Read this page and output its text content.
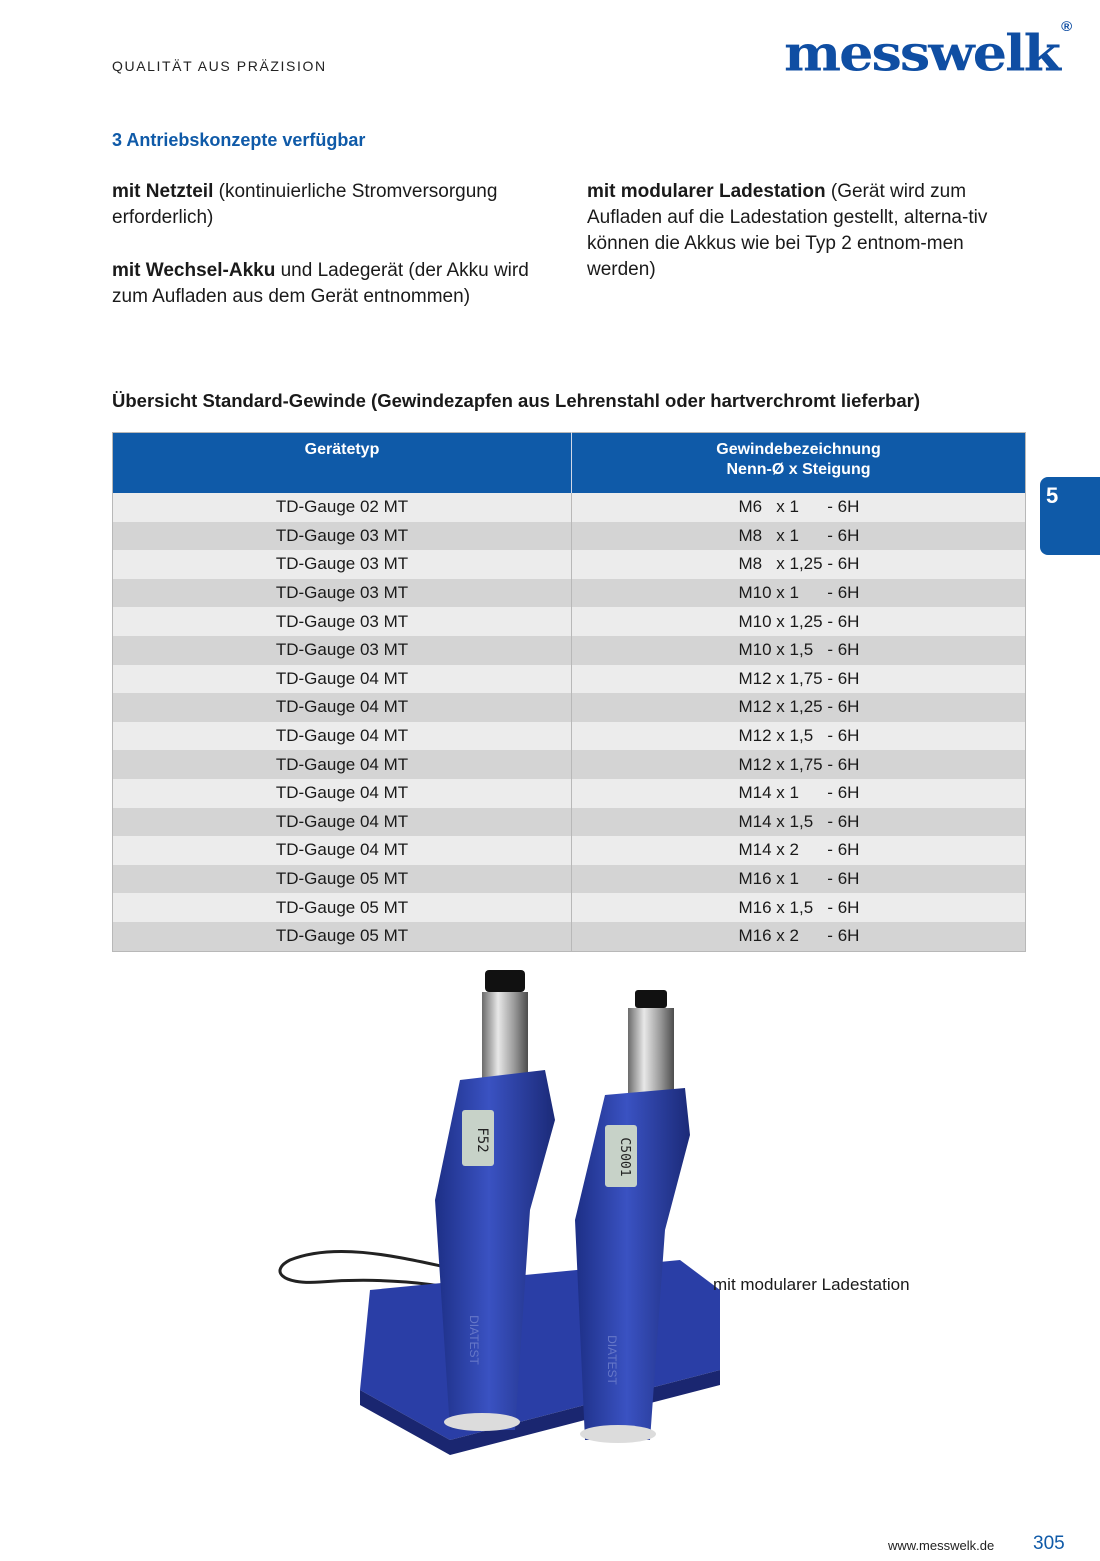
QUALITÄT AUS PRÄZISION	messwelk ®
3 Antriebskonzepte verfügbar
mit Netzteil (kontinuierliche Stromversorgung erforderlich)
mit Wechsel-Akku und Ladegerät (der Akku wird zum Aufladen aus dem Gerät entnommen)
mit modularer Ladestation (Gerät wird zum Aufladen auf die Ladestation gestellt, alterna-tiv können die Akkus wie bei Typ 2 entnom-men werden)
Übersicht Standard-Gewinde (Gewindezapfen aus Lehrenstahl oder hartverchromt lieferbar)
Gerätetyp	Gewindebezeichnung
Nenn-Ø x Steigung
TD-Gauge 02 MT	M6   x 1      - 6H
TD-Gauge 03 MT	M8   x 1      - 6H
TD-Gauge 03 MT	M8   x 1,25 - 6H
TD-Gauge 03 MT	M10 x 1      - 6H
TD-Gauge 03 MT	M10 x 1,25 - 6H
TD-Gauge 03 MT	M10 x 1,5   - 6H
TD-Gauge 04 MT	M12 x 1,75 - 6H
TD-Gauge 04 MT	M12 x 1,25 - 6H
TD-Gauge 04 MT	M12 x 1,5   - 6H
TD-Gauge 04 MT	M12 x 1,75 - 6H
TD-Gauge 04 MT	M14 x 1      - 6H
TD-Gauge 04 MT	M14 x 1,5   - 6H
TD-Gauge 04 MT	M14 x 2      - 6H
TD-Gauge 05 MT	M16 x 1      - 6H
TD-Gauge 05 MT	M16 x 1,5   - 6H
TD-Gauge 05 MT	M16 x 2      - 6H
5
F52
DIATEST
C5001
DIATEST
mit modularer Ladestation
www.messwelk.de 305
